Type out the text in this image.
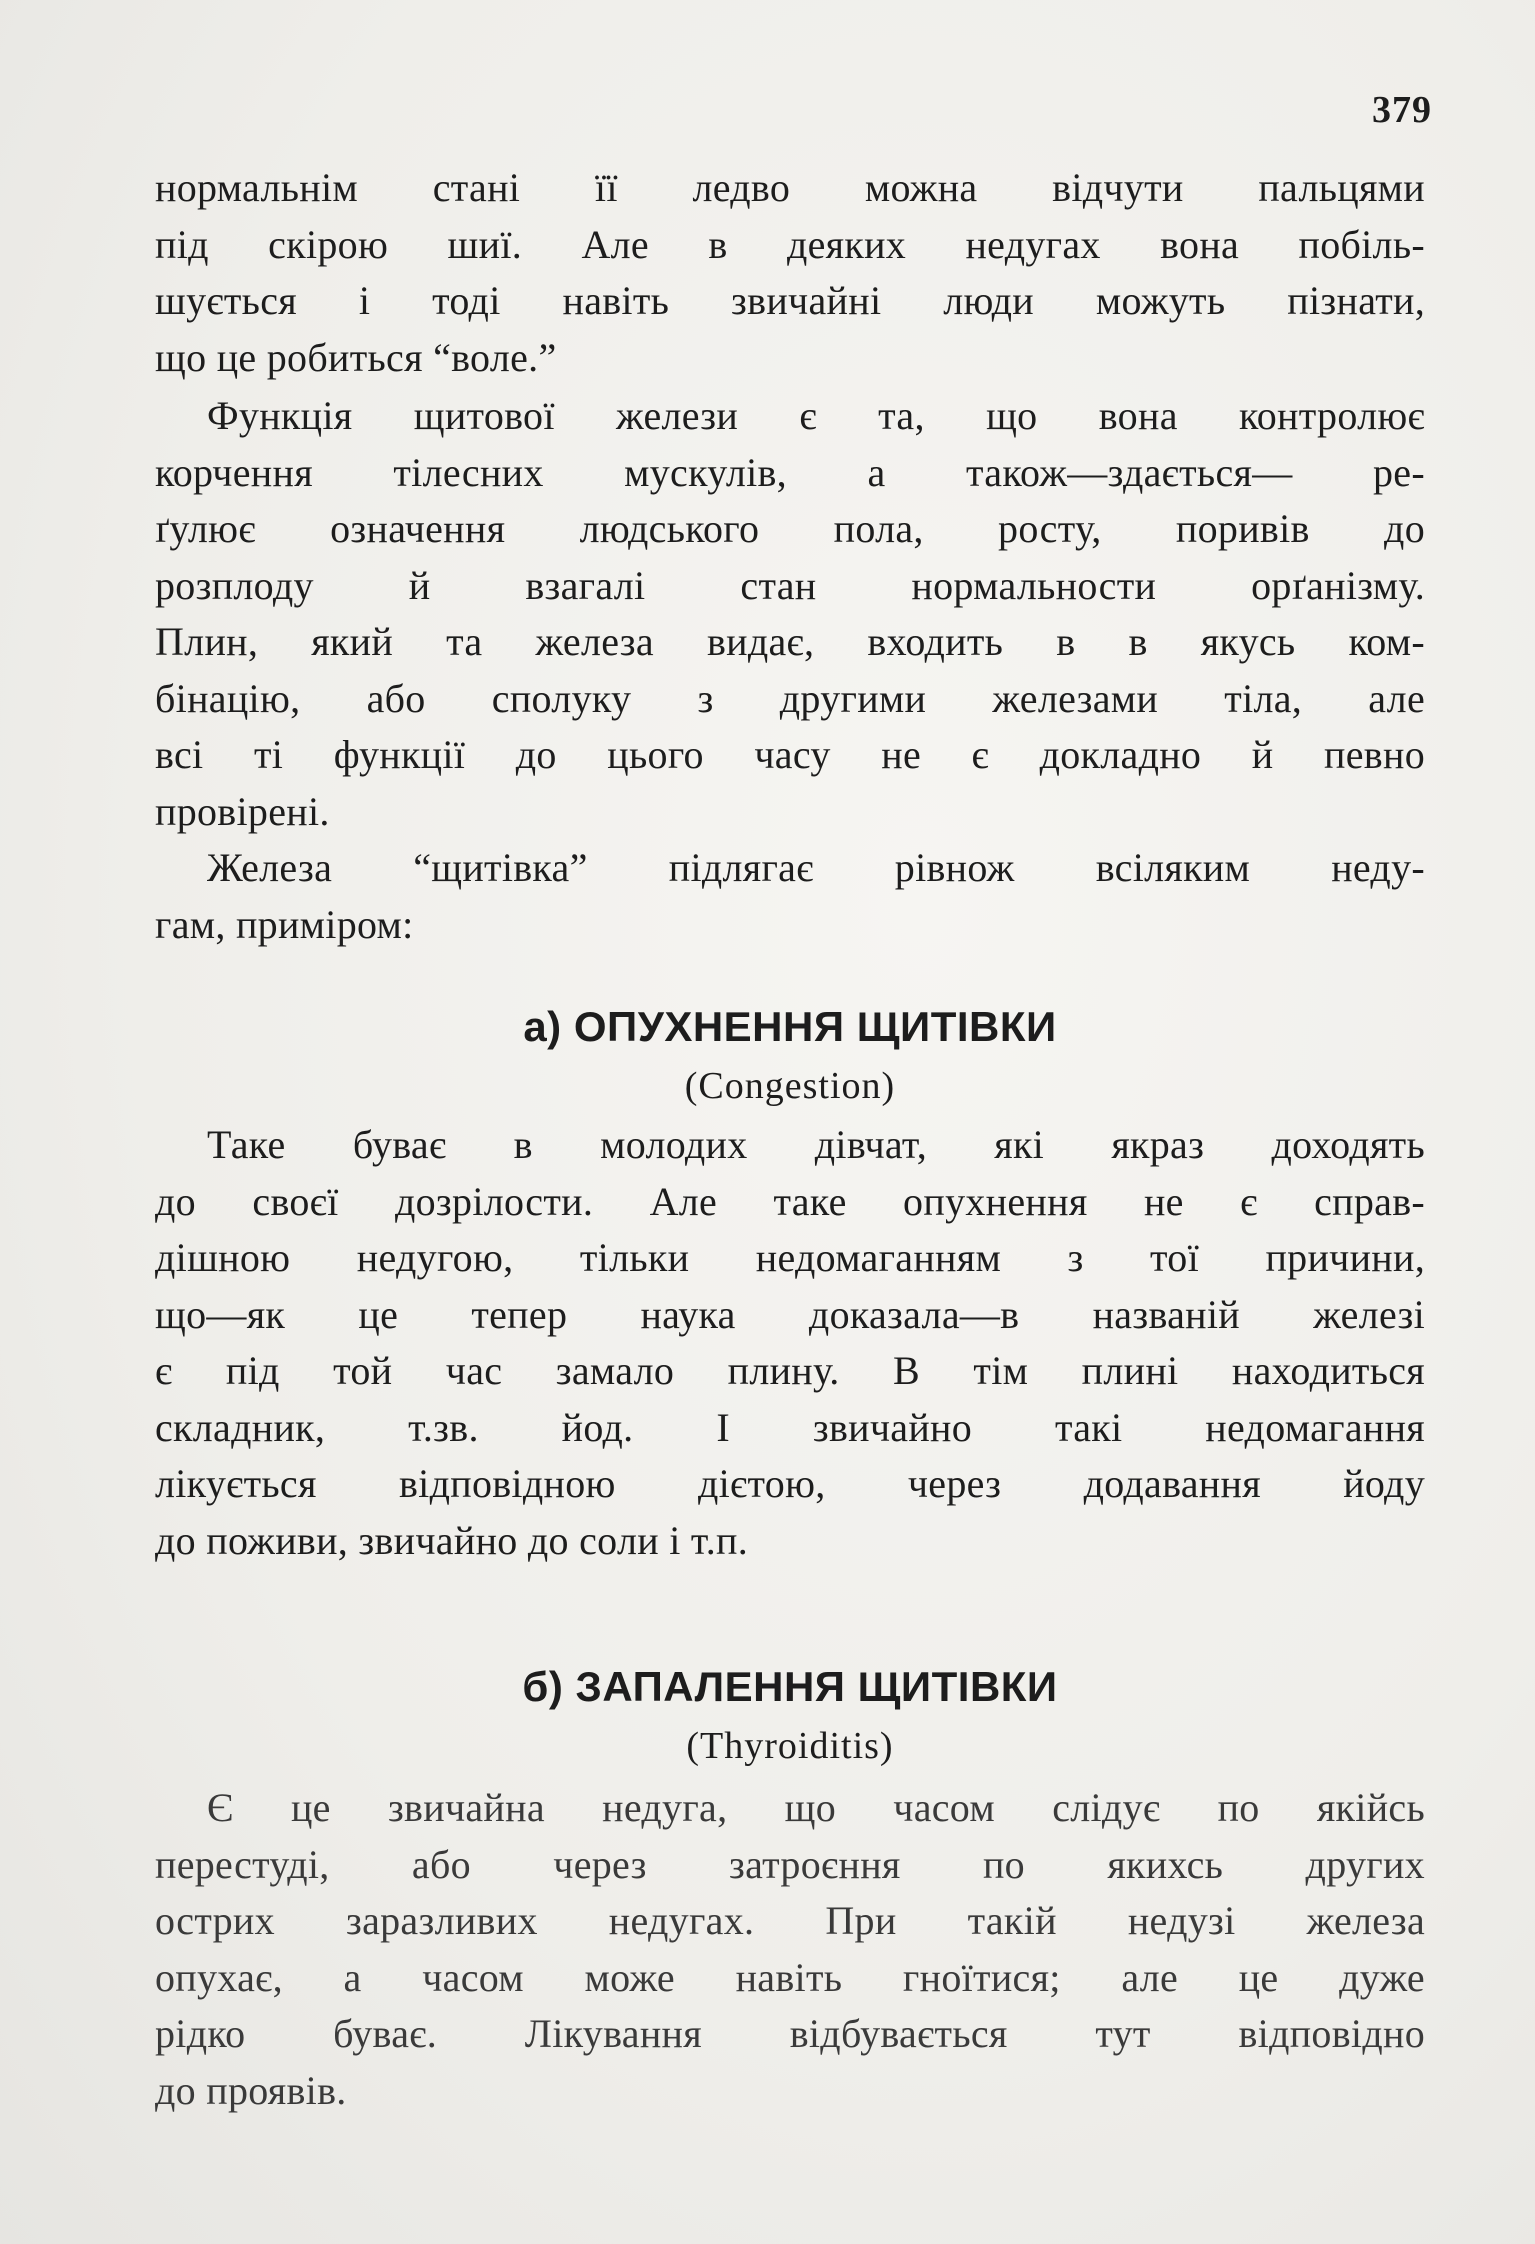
379

нормальнім стані її ледво можна відчути пальцями
під скірою шиї. Але в деяких недугах вона побіль-
шується і тоді навіть звичайні люди можуть пізнати,
що це робиться “воле.”

Функція щитової желези є та, що вона контролює
корчення тілесних мускулів, а також—здається— ре-
ґулює означення людського пола, росту, поривів до
розплоду й взагалі стан нормальности орґанізму.
Плин, який та железа видає, входить в в якусь ком-
бінацію, або сполуку з другими железами тіла, але
всі ті функції до цього часу не є докладно й певно
провірені.

Железа “щитівка” підлягає рівнож всіляким неду-
гам, приміром:

а) ОПУХНЕННЯ ЩИТІВКИ
(Congestion)

Таке буває в молодих дівчат, які якраз доходять
до своєї дозрілости. Але таке опухнення не є справ-
дішною недугою, тільки недомаганням з тої причини,
що—як це тепер наука доказала—в названій железі
є під той час замало плину. В тім плині находиться
складник, т.зв. йод. І звичайно такі недомагання
лікується відповідною дієтою, через додавання йоду
до поживи, звичайно до соли і т.п.

б) ЗАПАЛЕННЯ ЩИТІВКИ
(Thyroiditis)

Є це звичайна недуга, що часом слідує по якійсь
перестуді, або через затроєння по якихсь других
острих заразливих недугах. При такій недузі железа
опухає, а часом може навіть гноїтися; але це дуже
рідко буває. Лікування відбувається тут відповідно
до проявів.
